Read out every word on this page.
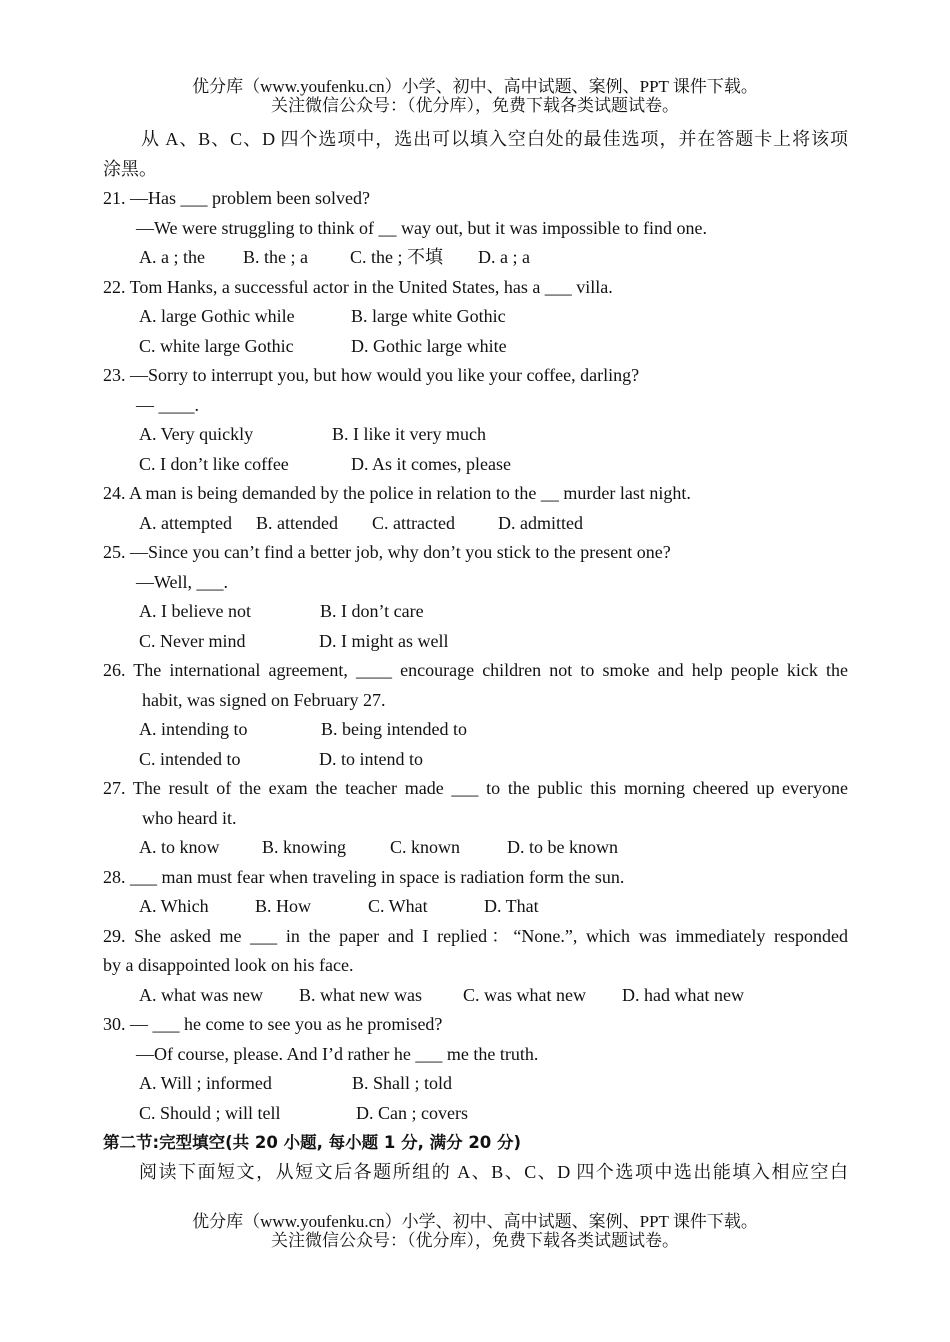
优分库（www.youfenku.cn）小学、初中、高中试题、案例、PPT 课件下载。
关注微信公众号：（优分库），免费下载各类试题试卷。
从 A、B、C、D 四个选项中，选出可以填入空白处的最佳选项，并在答题卡上将该项
涂黑。
21. —Has ___ problem been solved?
—We were struggling to think of __ way out, but it was impossible to find one.
A. a ; the B. the ; a C. the ; 不填 D. a ; a
22. Tom Hanks, a successful actor in the United States, has a ___ villa.
A. large Gothic while	B. large white Gothic
C. white large Gothic	D. Gothic large white
23. —Sorry to interrupt you, but how would you like your coffee, darling?
— ____.
A. Very quickly	B. I like it very much
C. I don’t like coffee	D. As it comes, please
24. A man is being demanded by the police in relation to the __ murder last night.
A. attempted B. attended C. attracted D. admitted
25. —Since you can’t find a better job, why don’t you stick to the present one?
—Well, ___.
A. I believe not	B. I don’t care
C. Never mind	D. I might as well
26. The international agreement, ____ encourage children not to smoke and help people kick the
habit, was signed on February 27.
A. intending to	B. being intended to
C. intended to	D. to intend to
27. The result of the exam the teacher made ___ to the public this morning cheered up everyone
who heard it.
A. to know B. knowing C. known	D. to be known
28. ___ man must fear when traveling in space is radiation form the sun.
A. Which	B. How	C. What	D. That
29. She asked me ___ in the paper and I replied：“None.”, which was immediately responded
by a disappointed look on his face.
A. what was new B. what new was C. was what new D. had what new
30. — ___ he come to see you as he promised?
—Of course, please. And I’d rather he ___ me the truth.
A. Will ; informed	B. Shall ; told
C. Should ; will tell	D. Can ; covers
第二节:完型填空(共 20 小题, 每小题 1 分, 满分 20 分)
阅读下面短文，从短文后各题所组的 A、B、C、D 四个选项中选出能填入相应空白
优分库（www.youfenku.cn）小学、初中、高中试题、案例、PPT 课件下载。
关注微信公众号：（优分库），免费下载各类试题试卷。
